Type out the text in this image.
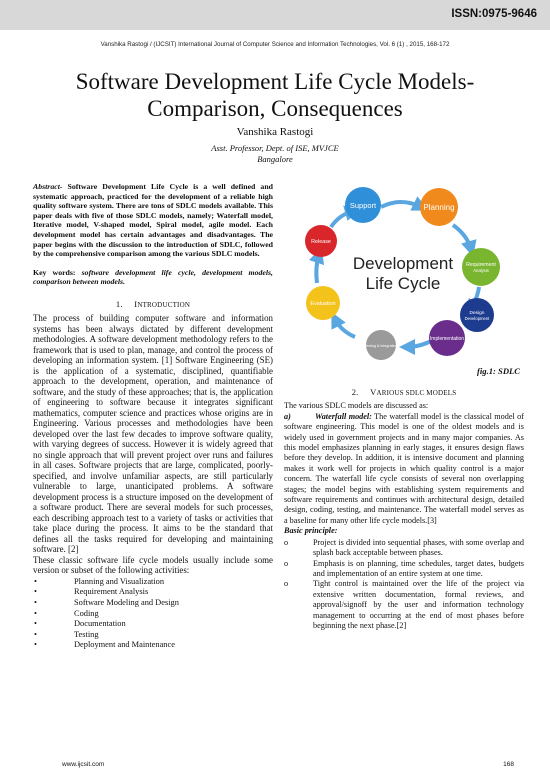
ISSN:0975-9646
Vanshika Rastogi / (IJCSIT) International Journal of Computer Science and Information Technologies, Vol. 6 (1) , 2015, 168-172
Software Development Life Cycle Models-Comparison, Consequences
Vanshika Rastogi
Asst. Professor, Dept. of ISE, MVJCE
Bangalore

Abstract- Software Development Life Cycle is a well defined and systematic approach, practiced for the development of a reliable high quality software system. There are tons of SDLC models available. This paper deals with five of those SDLC models, namely; Waterfall model, Iterative model, V-shaped model, Spiral model, agile model. Each development model has certain advantages and disadvantages. The paper begins with the discussion to the introduction of SDLC, followed by the comprehensive comparison among the various SDLC models.

Key words: software development life cycle, development models, comparison between models.

1. INTRODUCTION

The process of building computer software and information systems has been always dictated by different development methodologies. A software development methodology refers to the framework that is used to plan, manage, and control the process of developing an information system. [1] Software Engineering (SE) is the application of a systematic, disciplined, quantifiable approach to the development, operation, and maintenance of software, and the study of these approaches; that is, the application of engineering to software because it integrates significant mathematics, computer science and practices whose origins are in Engineering. Various processes and methodologies have been developed over the last few decades to improve software quality, with varying degrees of success. However it is widely agreed that no single approach that will prevent project over runs and failures in all cases. Software projects that are large, complicated, poorly-specified, and involve unfamiliar aspects, are still particularly vulnerable to large, unanticipated problems. A software development process is a structure imposed on the development of a software product. There are several models for such processes, each describing approach test to a variety of tasks or activities that take place during the process. It aims to be the standard that defines all the tasks required for developing and maintaining software. [2]

These classic software life cycle models usually include some version or subset of the following activities:

• Planning and Visualization
• Requirement Analysis
• Software Modeling and Design
• Coding
• Documentation
• Testing
• Deployment and Maintenance
Support	Planning
Requirement
Analysis
Design
Development
Implementation
Testing & Integration
Evaluation
Release
Development
Life Cycle
fig.1: SDLC
2. VARIOUS SDLC MODELS

The various SDLC models are discussed as:

a)          Waterfall model: The waterfall model is the classical model of software engineering. This model is one of the oldest models and is widely used in government projects and in many major companies. As this model emphasizes planning in early stages, it ensures design flaws before they develop. In addition, it is intensive document and planning makes it work well for projects in which quality control is a major concern. The waterfall life cycle consists of several non overlapping stages; the model begins with establishing system requirements and software requirements and continues with architectural design, detailed design, coding, testing, and maintenance. The waterfall model serves as a baseline for many other life cycle models.[3]

Basic principle:

o Project is divided into sequential phases, with some overlap and splash back acceptable between phases.
o Emphasis is on planning, time schedules, target dates, budgets and implementation of an entire system at one time.
o Tight control is maintained over the life of the project via extensive written documentation, formal reviews, and approval/signoff by the user and information technology management to occurring at the end of most phases before beginning the next phase.[2]
www.ijcsit.com	168
